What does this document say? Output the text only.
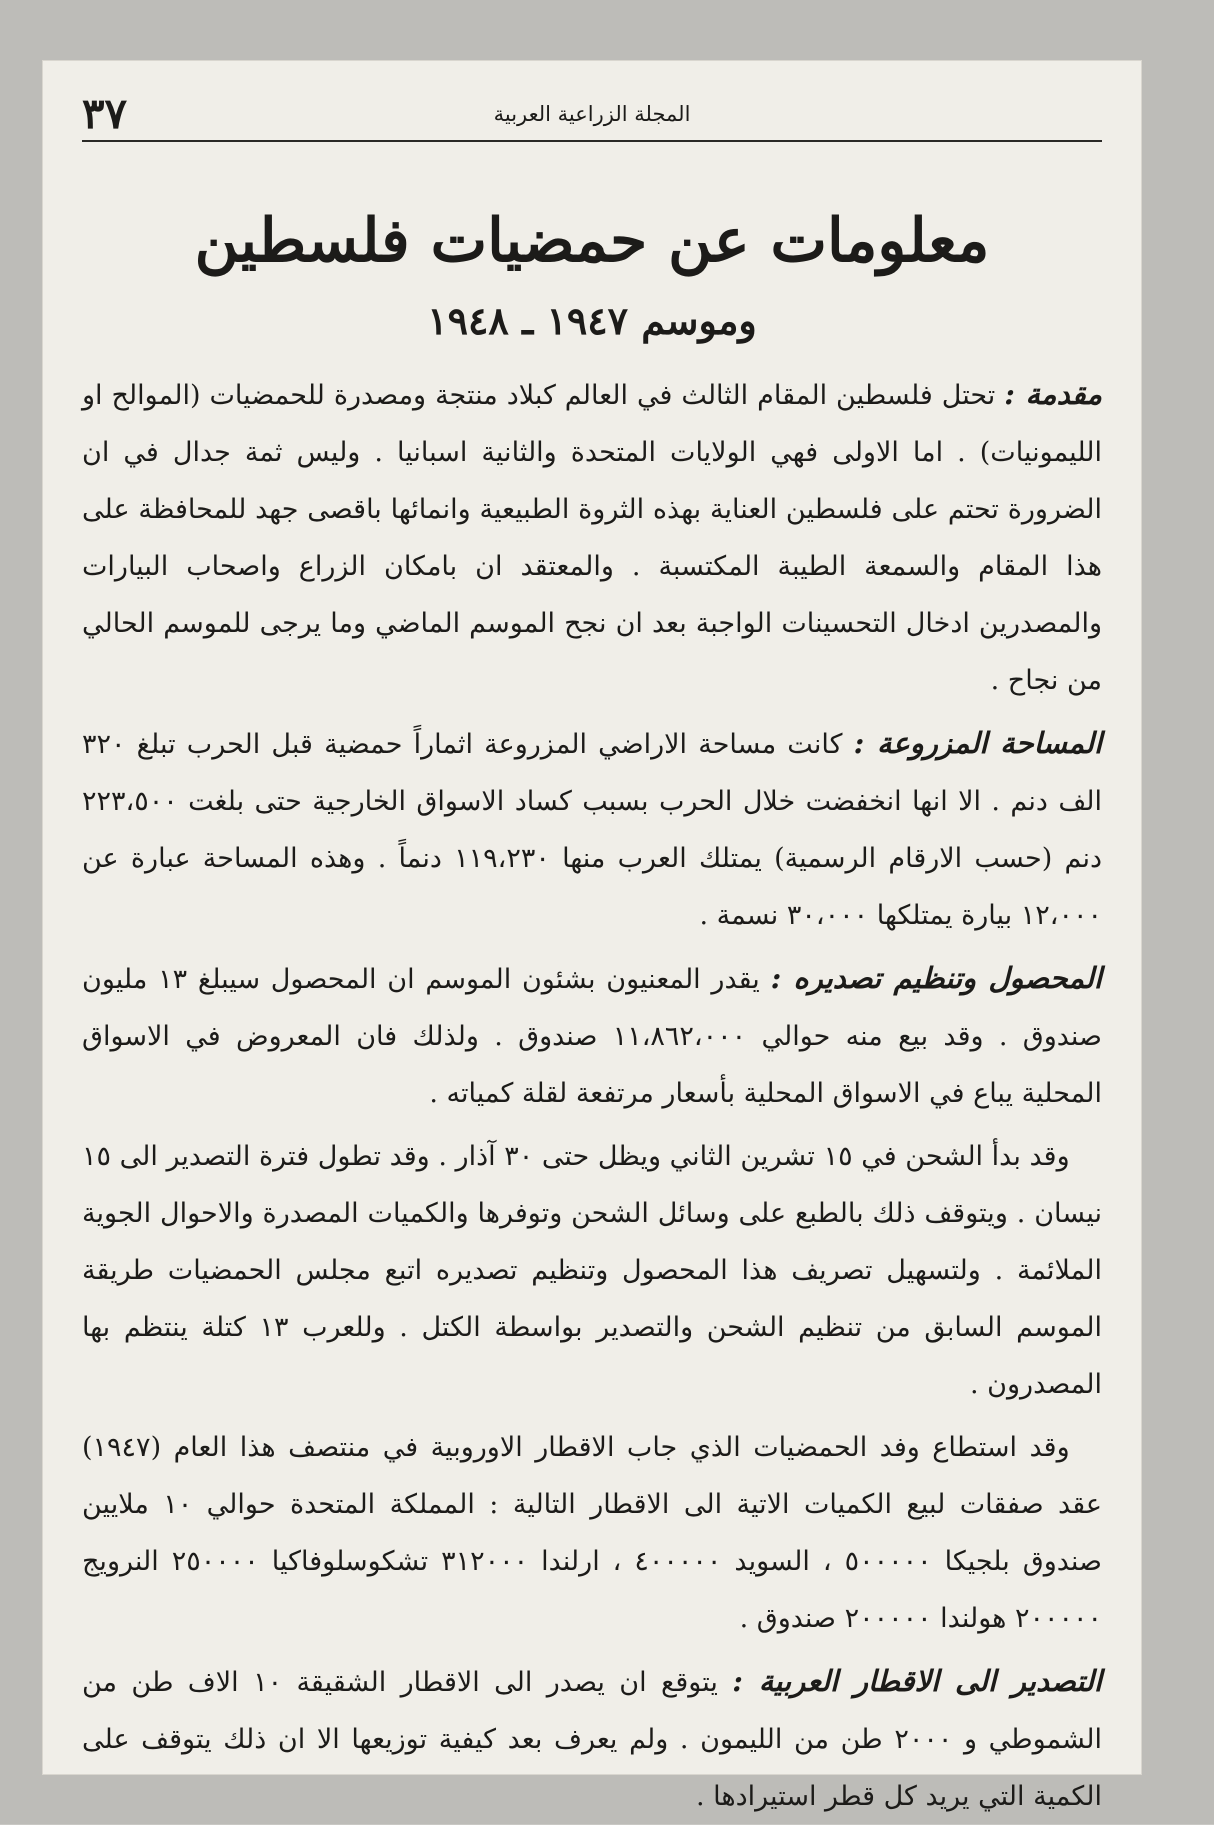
المجلة الزراعية العربية
٣٧
معلومات عن حمضيات فلسطين
وموسم ١٩٤٧ ـ ١٩٤٨

مقدمة : تحتل فلسطين المقام الثالث في العالم كبلاد منتجة ومصدرة للحمضيات (الموالح او الليمونيات) . اما الاولى فهي الولايات المتحدة والثانية اسبانيا . وليس ثمة جدال في ان الضرورة تحتم على فلسطين العناية بهذه الثروة الطبيعية وانمائها باقصى جهد للمحافظة على هذا المقام والسمعة الطيبة المكتسبة . والمعتقد ان بامكان الزراع واصحاب البيارات والمصدرين ادخال التحسينات الواجبة بعد ان نجح الموسم الماضي وما يرجى للموسم الحالي من نجاح .

المساحة المزروعة : كانت مساحة الاراضي المزروعة اثماراً حمضية قبل الحرب تبلغ ٣٢٠ الف دنم . الا انها انخفضت خلال الحرب بسبب كساد الاسواق الخارجية حتى بلغت ٢٢٣،٥٠٠ دنم (حسب الارقام الرسمية) يمتلك العرب منها ١١٩،٢٣٠ دنماً . وهذه المساحة عبارة عن ١٢،٠٠٠ بيارة يمتلكها ٣٠،٠٠٠ نسمة .

المحصول وتنظيم تصديره : يقدر المعنيون بشئون الموسم ان المحصول سيبلغ ١٣ مليون صندوق . وقد بيع منه حوالي ١١،٨٦٢،٠٠٠ صندوق . ولذلك فان المعروض في الاسواق المحلية يباع في الاسواق المحلية بأسعار مرتفعة لقلة كمياته .

وقد بدأ الشحن في ١٥ تشرين الثاني ويظل حتى ٣٠ آذار . وقد تطول فترة التصدير الى ١٥ نيسان . ويتوقف ذلك بالطبع على وسائل الشحن وتوفرها والكميات المصدرة والاحوال الجوية الملائمة . ولتسهيل تصريف هذا المحصول وتنظيم تصديره اتبع مجلس الحمضيات طريقة الموسم السابق من تنظيم الشحن والتصدير بواسطة الكتل . وللعرب ١٣ كتلة ينتظم بها المصدرون .

وقد استطاع وفد الحمضيات الذي جاب الاقطار الاوروبية في منتصف هذا العام (١٩٤٧) عقد صفقات لبيع الكميات الاتية الى الاقطار التالية : المملكة المتحدة حوالي ١٠ ملايين صندوق بلجيكا ٥٠٠٠٠٠ ، السويد ٤٠٠٠٠٠ ، ارلندا ٣١٢٠٠٠ تشكوسلوفاكيا ٢٥٠٠٠٠ النرويج ٢٠٠٠٠٠ هولندا ٢٠٠٠٠٠ صندوق .

التصدير الى الاقطار العربية : يتوقع ان يصدر الى الاقطار الشقيقة ١٠ الاف طن من الشموطي و ٢٠٠٠ طن من الليمون . ولم يعرف بعد كيفية توزيعها الا ان ذلك يتوقف على الكمية التي يريد كل قطر استيرادها .
